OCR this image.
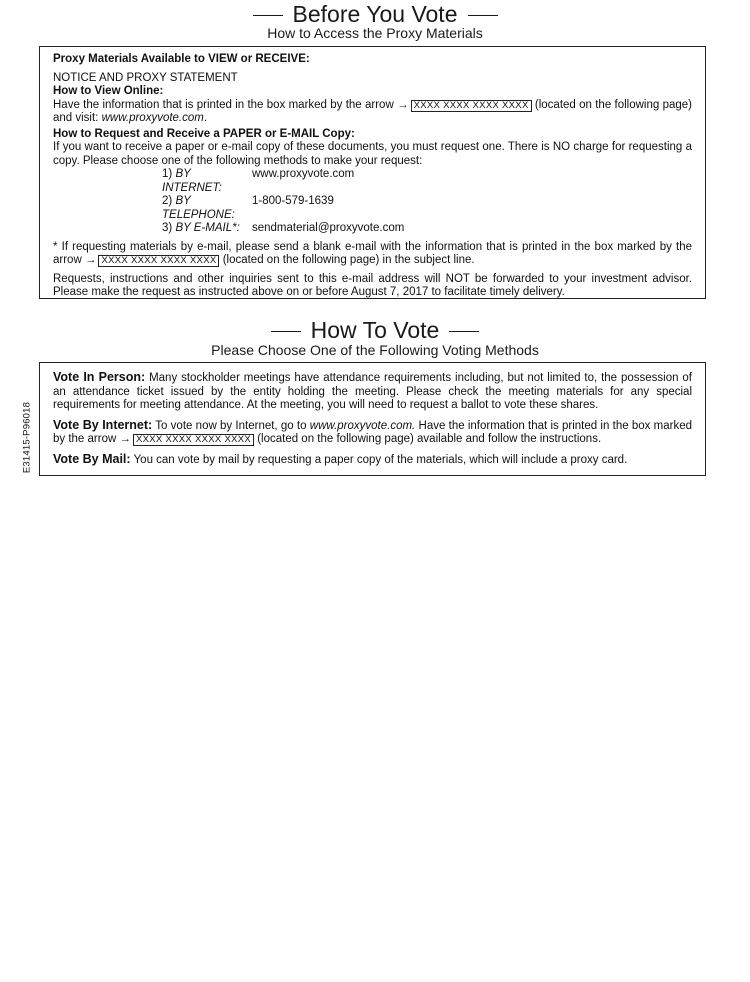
E31415-P96018
Before You Vote
How to Access the Proxy Materials

Proxy Materials Available to VIEW or RECEIVE:

NOTICE AND PROXY STATEMENT

How to View Online:

Have the information that is printed in the box marked by the arrow → XXXX XXXX XXXX XXXX (located on the following page) and visit: www.proxyvote.com.

How to Request and Receive a PAPER or E-MAIL Copy:

If you want to receive a paper or e-mail copy of these documents, you must request one. There is NO charge for requesting a copy. Please choose one of the following methods to make your request:

1) BY INTERNET:
www.proxyvote.com
2) BY TELEPHONE:
1-800-579-1639
3) BY E-MAIL*:	sendmaterial@proxyvote.com

* If requesting materials by e-mail, please send a blank e-mail with the information that is printed in the box marked by the arrow → XXXX XXXX XXXX XXXX (located on the following page) in the subject line.

Requests, instructions and other inquiries sent to this e-mail address will NOT be forwarded to your investment advisor. Please make the request as instructed above on or before August 7, 2017 to facilitate timely delivery.

How To Vote
Please Choose One of the Following Voting Methods

Vote In Person: Many stockholder meetings have attendance requirements including, but not limited to, the possession of an attendance ticket issued by the entity holding the meeting. Please check the meeting materials for any special requirements for meeting attendance. At the meeting, you will need to request a ballot to vote these shares.

Vote By Internet: To vote now by Internet, go to www.proxyvote.com. Have the information that is printed in the box marked by the arrow → XXXX XXXX XXXX XXXX (located on the following page) available and follow the instructions.

Vote By Mail: You can vote by mail by requesting a paper copy of the materials, which will include a proxy card.
